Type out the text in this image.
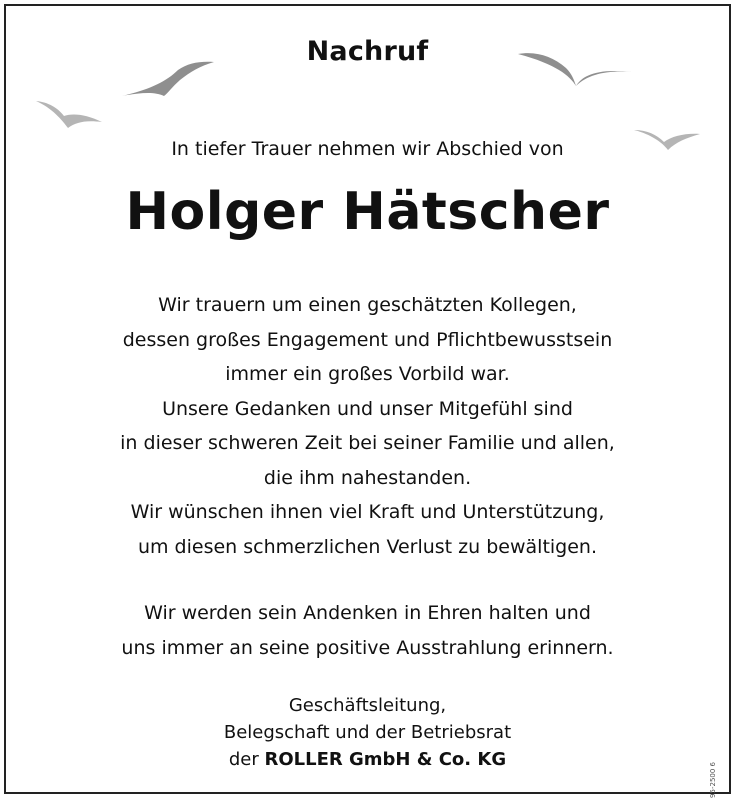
Nachruf
In tiefer Trauer nehmen wir Abschied von
Holger Hätscher
Wir trauern um einen geschätzten Kollegen,
dessen großes Engagement und Pflichtbewusstsein
immer ein großes Vorbild war.
Unsere Gedanken und unser Mitgefühl sind
in dieser schweren Zeit bei seiner Familie und allen,
die ihm nahestanden.
Wir wünschen ihnen viel Kraft und Unterstützung,
um diesen schmerzlichen Verlust zu bewältigen.
Wir werden sein Andenken in Ehren halten und
uns immer an seine positive Ausstrahlung erinnern.
Geschäftsleitung,
Belegschaft und der Betriebsrat
der ROLLER GmbH & Co. KG
95-2500 6
